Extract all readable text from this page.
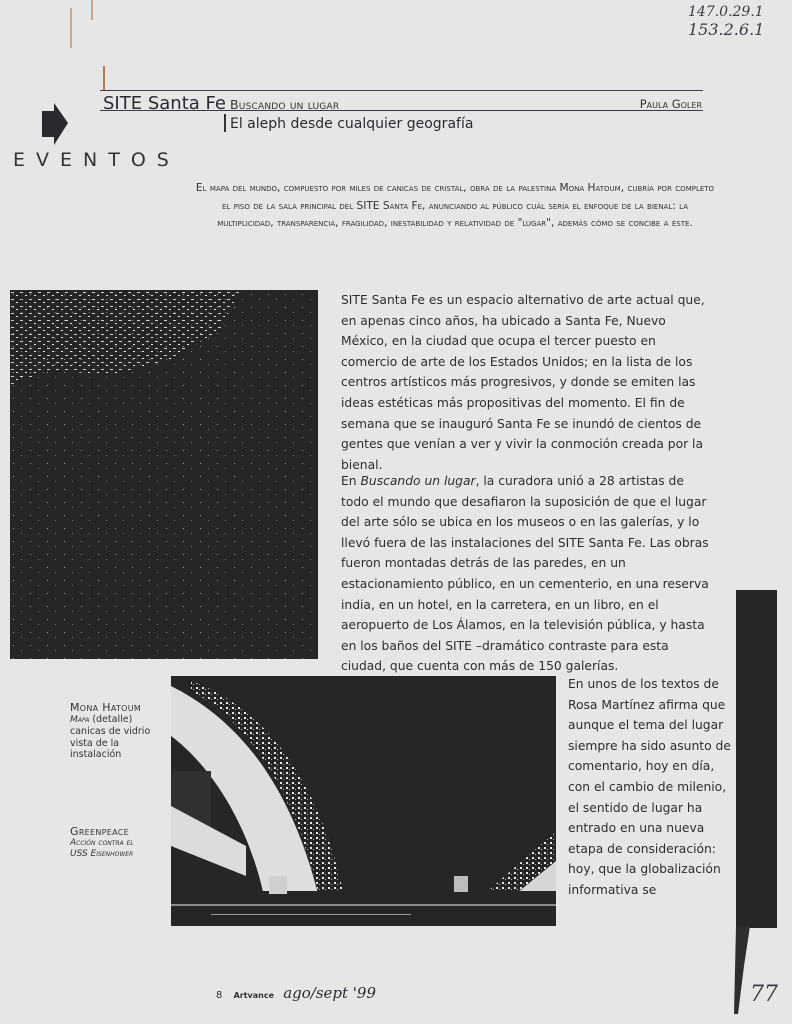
147.0.29.1
153.2.6.1
SITE Santa Fe Buscando un lugar	Paula Goler
El aleph desde cualquier geografía
EVENTOS
El mapa del mundo, compuesto por miles de canicas de cristal, obra de la palestina Mona Hatoum, cubría por completo el piso de la sala principal del SITE Santa Fe, anunciando al público cuál sería el enfoque de la bienal: la multiplicidad, transparencia, fragilidad, inestabilidad y relatividad de "lugar", además cómo se concibe a éste.
SITE Santa Fe es un espacio alternativo de arte actual que, en apenas cinco años, ha ubicado a Santa Fe, Nuevo México, en la ciudad que ocupa el tercer puesto en comercio de arte de los Estados Unidos; en la lista de los centros artísticos más progresivos, y donde se emiten las ideas estéticas más propositivas del momento. El fin de semana que se inauguró Santa Fe se inundó de cientos de gentes que venían a ver y vivir la conmoción creada por la bienal.
En Buscando un lugar, la curadora unió a 28 artistas de todo el mundo que desafiaron la suposición de que el lugar del arte sólo se ubica en los museos o en las galerías, y lo llevó fuera de las instalaciones del SITE Santa Fe. Las obras fueron montadas detrás de las paredes, en un estacionamiento público, en un cementerio, en una reserva india, en un hotel, en la carretera, en un libro, en el aeropuerto de Los Álamos, en la televisión pública, y hasta en los baños del SITE –dramático contraste para esta ciudad, que cuenta con más de 150 galerías.
Mona Hatoum
Mapa (detalle)
canicas de vidrio
vista de la instalación
Greenpeace
Acción contra el
USS Eisenhower
En unos de los textos de Rosa Martínez afirma que aunque el tema del lugar siempre ha sido asunto de comentario, hoy en día, con el cambio de milenio, el sentido de lugar ha entrado en una nueva etapa de consideración: hoy, que la globalización informativa se
8 Artvance ago/sept '99	77
